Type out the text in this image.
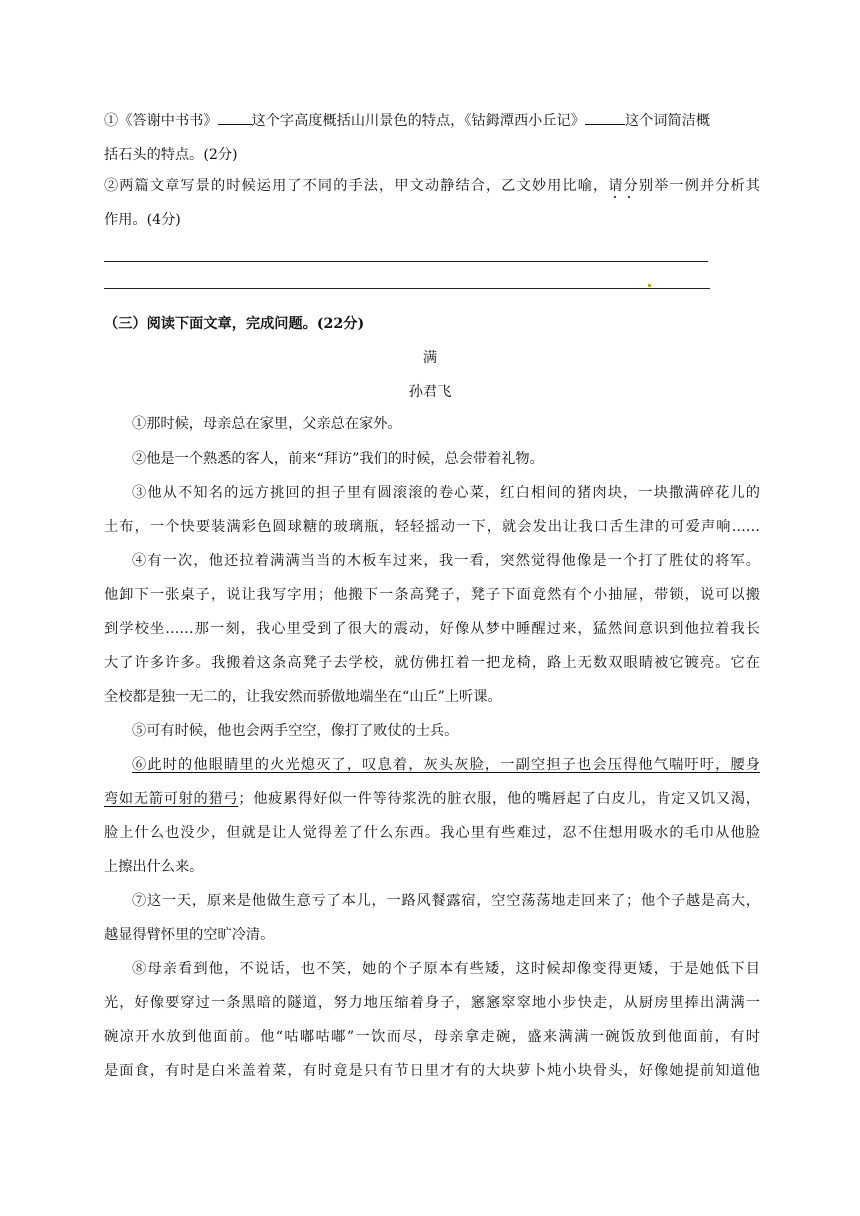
①《答谢中书书》 这个字高度概括山川景色的特点，《钴鉧潭西小丘记》	这个词简洁概
括石头的特点。(2分)
②两篇文章写景的时候运用了不同的手法，甲文动静结合，乙文妙用比喻，请分别举一例并分析其
作用。(4分)
（三）阅读下面文章，完成问题。(22分)
满
孙君飞
①那时候，母亲总在家里，父亲总在家外。
②他是一个熟悉的客人，前来“拜访”我们的时候，总会带着礼物。
③他从不知名的远方挑回的担子里有圆滚滚的卷心菜，红白相间的猪肉块，一块撒满碎花儿的
土布，一个快要装满彩色圆球糖的玻璃瓶，轻轻摇动一下，就会发出让我口舌生津的可爱声响……
④有一次，他还拉着满满当当的木板车过来，我一看，突然觉得他像是一个打了胜仗的将军。
他卸下一张桌子，说让我写字用；他搬下一条高凳子，凳子下面竟然有个小抽屉，带锁，说可以搬
到学校坐……那一刻，我心里受到了很大的震动，好像从梦中睡醒过来，猛然间意识到他拉着我长
大了许多许多。我搬着这条高凳子去学校，就仿佛扛着一把龙椅，路上无数双眼睛被它镀亮。它在
全校都是独一无二的，让我安然而骄傲地端坐在“山丘”上听课。
⑤可有时候，他也会两手空空，像打了败仗的士兵。
⑥此时的他眼睛里的火光熄灭了，叹息着，灰头灰脸，一副空担子也会压得他气喘吁吁，腰身
弯如无箭可射的猎弓；他疲累得好似一件等待浆洗的脏衣服，他的嘴唇起了白皮儿，肯定又饥又渴，
脸上什么也没少，但就是让人觉得差了什么东西。我心里有些难过，忍不住想用吸水的毛巾从他脸
上擦出什么来。
⑦这一天，原来是他做生意亏了本儿，一路风餐露宿，空空荡荡地走回来了；他个子越是高大，
越显得臂怀里的空旷冷清。
⑧母亲看到他，不说话，也不笑，她的个子原本有些矮，这时候却像变得更矮，于是她低下目
光，好像要穿过一条黑暗的隧道，努力地压缩着身子，窸窸窣窣地小步快走，从厨房里捧出满满一
碗凉开水放到他面前。他“咕嘟咕嘟”一饮而尽，母亲拿走碗，盛来满满一碗饭放到他面前，有时
是面食，有时是白米盖着菜，有时竟是只有节日里才有的大块萝卜炖小块骨头，好像她提前知道他
